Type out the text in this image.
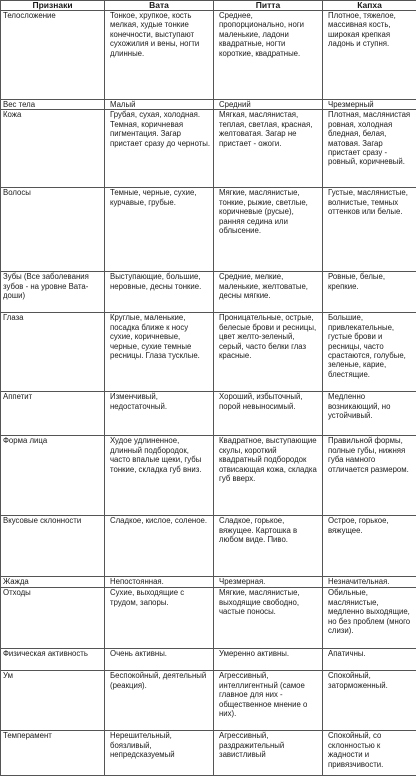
Признаки	Вата	Питта	Капха
Телосложение	Тонкое, хрупкое, кость мелкая, худые тонкие конечности, выступают сухожилия и вены, ногти длинные.	Среднее, пропорционально, ноги маленькие, ладони квадратные, ногти короткие, квадратные.	Плотное, тяжелое, массивная кость, широкая крепкая ладонь и ступня.
Вес тела	Малый	Средний	Чрезмерный
Кожа	Грубая, сухая, холодная. Темная, коричневая пигментация. Загар пристает сразу до черноты.	Мягкая, маслянистая, теплая, светлая, красная, желтоватая. Загар не пристает - ожоги.	Плотная, маслянистая ровная, холодная бледная, белая, матовая. Загар пристает сразу - ровный, коричневый.
Волосы	Темные, черные, сухие, курчавые, грубые.	Мягкие, маслянистые, тонкие, рыжие, светлые, коричневые (русые), ранняя седина или облысение.	Густые, маслянистые, волнистые, темных оттенков или белые.
Зубы (Все заболевания зубов - на уровне Вата-доши)	Выступающие, большие, неровные, десны тонкие.	Средние, мелкие, маленькие, желтоватые, десны мягкие.	Ровные, белые, крепкие.
Глаза	Круглые, маленькие, посадка ближе к носу сухие, коричневые, черные, сухие темные ресницы. Глаза тусклые.	Проницательные, острые, белесые брови и ресницы, цвет желто-зеленый, серый, часто белки глаз красные.	Большие, привлекательные, густые брови и ресницы, часто срастаются, голубые, зеленые, карие, блестящие.
Аппетит	Изменчивый, недостаточный.	Хороший, избыточный, порой невыносимый.	Медленно возникающий, но устойчивый.
Форма лица	Худое удлиненное, длинный подбородок, часто впалые щеки, губы тонкие, складка губ вниз.	Квадратное, выступающие скулы, короткий квадратный подбородок отвисающая кожа, складка губ вверх.	Правильной формы, полные губы, нижняя губа намного отличается размером.
Вкусовые склонности	Сладкое, кислое, соленое.	Сладкое, горькое, вяжущее. Картошка в любом виде. Пиво.	Острое, горькое, вяжущее.
Жажда	Непостоянная.	Чрезмерная.	Незначительная.
Отходы	Сухие, выходящие с трудом, запоры.	Мягкие, маслянистые, выходящие свободно, частые поносы.	Обильные, маслянистые, медленно выходящие, но без проблем (много слизи).
Физическая активность	Очень активны.	Умеренно активны.	Апатичны.
Ум	Беспокойный, деятельный (реакция).	Агрессивный, интеллигентный (самое главное для них - общественное мнение о них).	Спокойный, заторможенный.
Темперамент	Нерешительный, боязливый, непредсказуемый	Агрессивный, раздражительный завистливый	Спокойный, со склонностью к жадности и привязчивости.
